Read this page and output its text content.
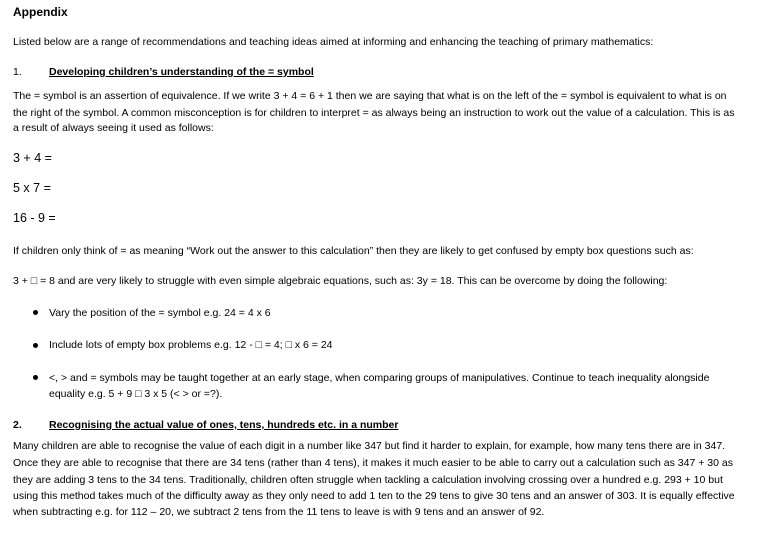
Appendix
Listed below are a range of recommendations and teaching ideas aimed at informing and enhancing the teaching of primary mathematics:
1.	Developing children’s understanding of the = symbol
The = symbol is an assertion of equivalence. If we write 3 + 4 = 6 + 1 then we are saying that what is on the left of the = symbol is equivalent to what is on
the right of the symbol. A common misconception is for children to interpret = as always being an instruction to work out the value of a calculation. This is as
a result of always seeing it used as follows:
3 + 4 =
5 x 7 =
16 - 9 =
If children only think of = as meaning “Work out the answer to this calculation” then they are likely to get confused by empty box questions such as:
3 + □ = 8 and are very likely to struggle with even simple algebraic equations, such as: 3y = 18. This can be overcome by doing the following:
Vary the position of the = symbol e.g. 24 = 4 x 6
Include lots of empty box problems e.g. 12 - □ = 4; □ x 6 = 24
<, > and = symbols may be taught together at an early stage, when comparing groups of manipulatives. Continue to teach inequality alongside
equality e.g. 5 + 9 □ 3 x 5 (< > or =?).
2.	Recognising the actual value of ones, tens, hundreds etc. in a number
Many children are able to recognise the value of each digit in a number like 347 but find it harder to explain, for example, how many tens there are in 347.
Once they are able to recognise that there are 34 tens (rather than 4 tens), it makes it much easier to be able to carry out a calculation such as 347 + 30 as
they are adding 3 tens to the 34 tens. Traditionally, children often struggle when tackling a calculation involving crossing over a hundred e.g. 293 + 10 but
using this method takes much of the difficulty away as they only need to add 1 ten to the 29 tens to give 30 tens and an answer of 303. It is equally effective
when subtracting e.g. for 112 – 20, we subtract 2 tens from the 11 tens to leave is with 9 tens and an answer of 92.
